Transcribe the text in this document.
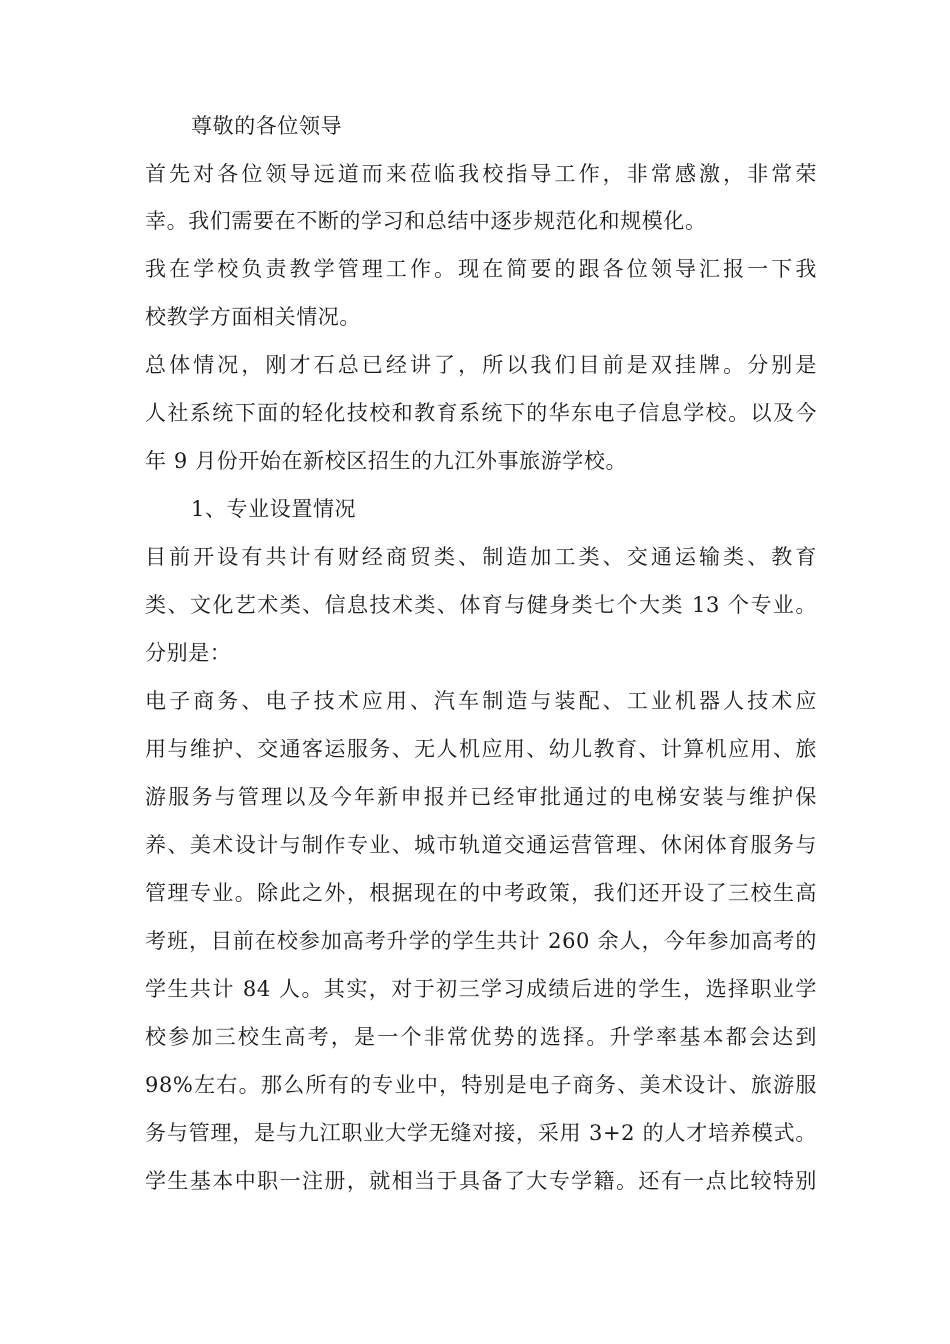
尊敬的各位领导
首先对各位领导远道而来莅临我校指导工作，非常感激，非常荣
幸。我们需要在不断的学习和总结中逐步规范化和规模化。
我在学校负责教学管理工作。现在简要的跟各位领导汇报一下我
校教学方面相关情况。
总体情况，刚才石总已经讲了，所以我们目前是双挂牌。分别是
人社系统下面的轻化技校和教育系统下的华东电子信息学校。以及今
年 9 月份开始在新校区招生的九江外事旅游学校。
1、专业设置情况
目前开设有共计有财经商贸类、制造加工类、交通运输类、教育
类、文化艺术类、信息技术类、体育与健身类七个大类 13 个专业。
分别是：
电子商务、电子技术应用、汽车制造与装配、工业机器人技术应
用与维护、交通客运服务、无人机应用、幼儿教育、计算机应用、旅
游服务与管理以及今年新申报并已经审批通过的电梯安装与维护保
养、美术设计与制作专业、城市轨道交通运营管理、休闲体育服务与
管理专业。除此之外，根据现在的中考政策，我们还开设了三校生高
考班，目前在校参加高考升学的学生共计 260 余人，今年参加高考的
学生共计 84 人。其实，对于初三学习成绩后进的学生，选择职业学
校参加三校生高考，是一个非常优势的选择。升学率基本都会达到
98%左右。那么所有的专业中，特别是电子商务、美术设计、旅游服
务与管理，是与九江职业大学无缝对接，采用 3+2 的人才培养模式。
学生基本中职一注册，就相当于具备了大专学籍。还有一点比较特别
